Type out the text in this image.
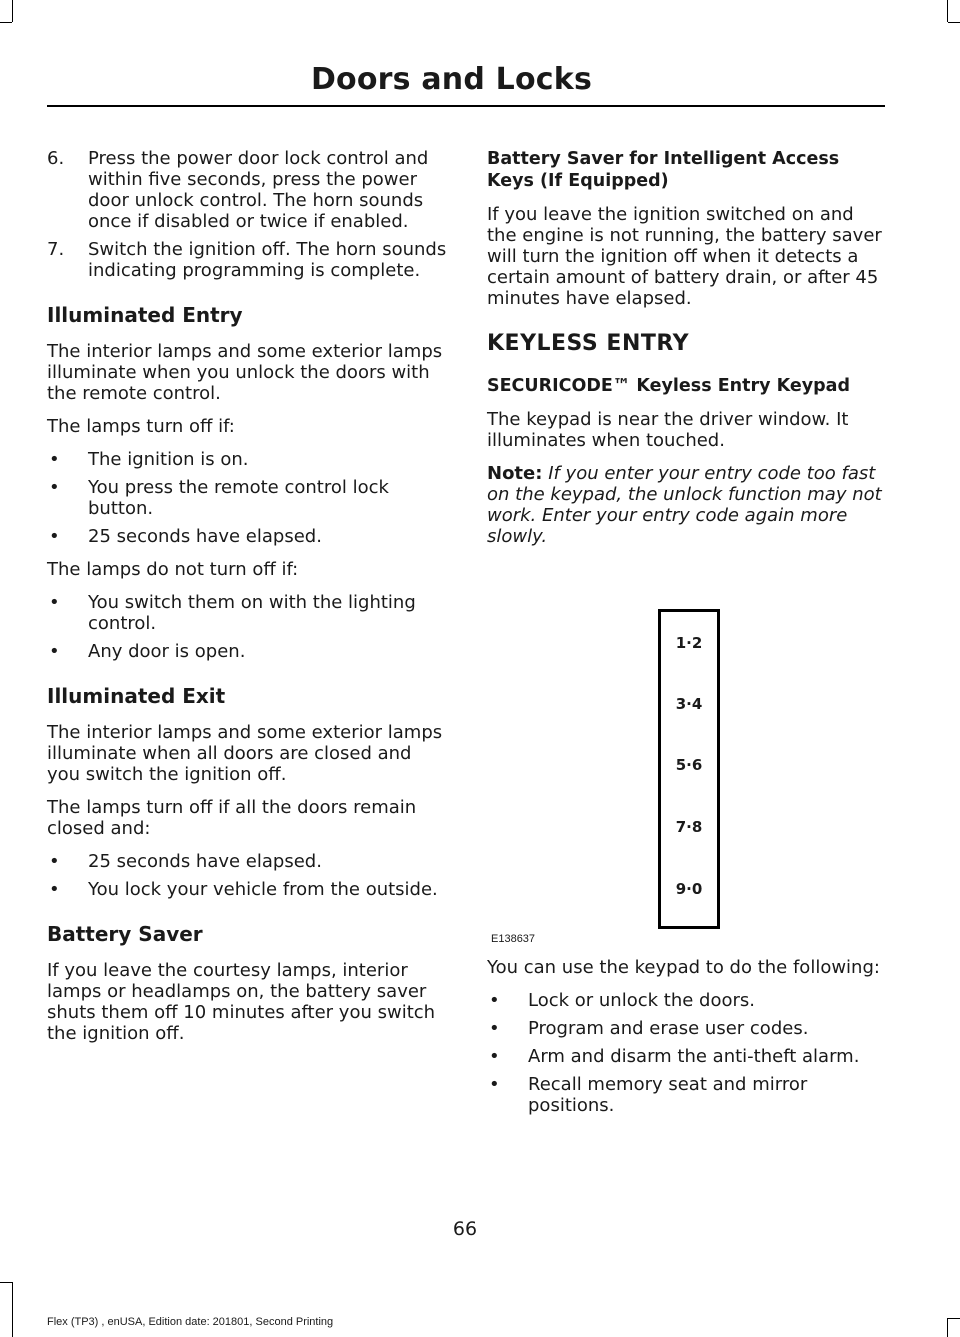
Doors and Locks
6. Press the power door lock control and within five seconds, press the power door unlock control. The horn sounds once if disabled or twice if enabled.
7. Switch the ignition off. The horn sounds indicating programming is complete.
Illuminated Entry

The interior lamps and some exterior lamps illuminate when you unlock the doors with the remote control.

The lamps turn off if:

• The ignition is on.
• You press the remote control lock button.
• 25 seconds have elapsed.

The lamps do not turn off if:

• You switch them on with the lighting control.
• Any door is open.
Illuminated Exit

The interior lamps and some exterior lamps illuminate when all doors are closed and you switch the ignition off.

The lamps turn off if all the doors remain closed and:

• 25 seconds have elapsed.
• You lock your vehicle from the outside.
Battery Saver

If you leave the courtesy lamps, interior lamps or headlamps on, the battery saver shuts them off 10 minutes after you switch the ignition off.

Battery Saver for Intelligent Access Keys (If Equipped)

If you leave the ignition switched on and the engine is not running, the battery saver will turn the ignition off when it detects a certain amount of battery drain, or after 45 minutes have elapsed.

KEYLESS ENTRY
SECURICODE™ Keyless Entry Keypad

The keypad is near the driver window. It illuminates when touched.

Note: If you enter your entry code too fast on the keypad, the unlock function may not work. Enter your entry code again more slowly.

1·2
3·4
5·6
7·8
9·0
E138637

You can use the keypad to do the following:

• Lock or unlock the doors.
• Program and erase user codes.
• Arm and disarm the anti-theft alarm.
• Recall memory seat and mirror positions.
66
Flex (TP3) , enUSA, Edition date: 201801, Second Printing
